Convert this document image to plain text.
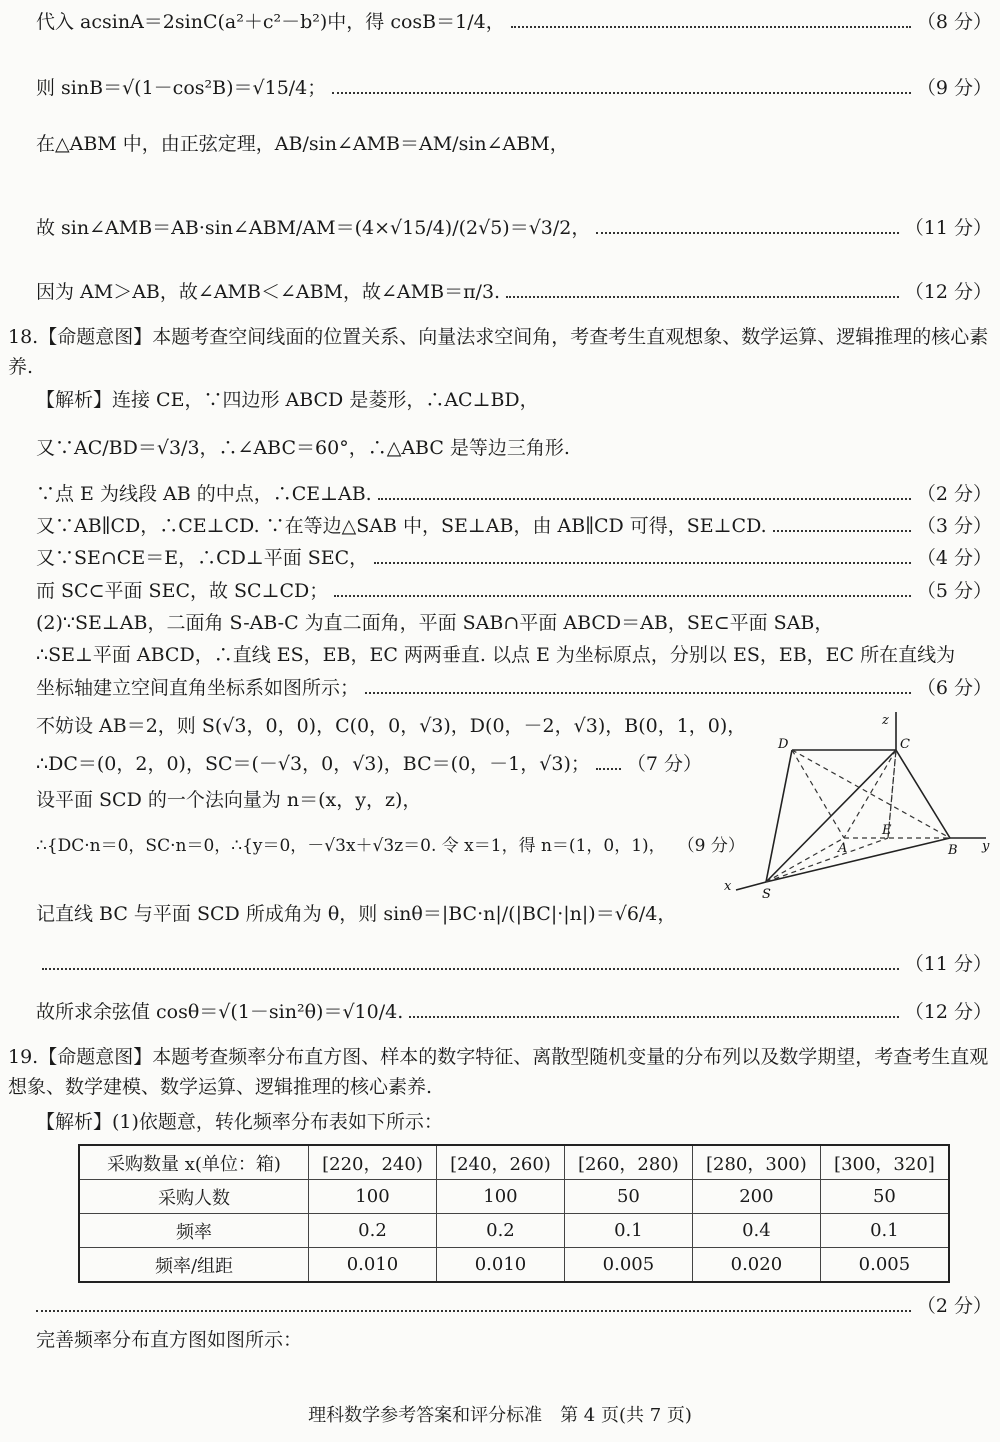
代入 acsinA＝2sinC(a²＋c²－b²)中，得 cosB＝1/4，	（8 分）
则 sinB＝√(1－cos²B)＝√15/4；	（9 分）
在△ABM 中，由正弦定理，AB/sin∠AMB＝AM/sin∠ABM，
故 sin∠AMB＝AB·sin∠ABM/AM＝(4×√15/4)/(2√5)＝√3/2，	（11 分）
因为 AM＞AB，故∠AMB＜∠ABM，故∠AMB＝π/3.	（12 分）
18.【命题意图】本题考查空间线面的位置关系、向量法求空间角，考查考生直观想象、数学运算、逻辑推理的核心素养.
【解析】连接 CE，∵四边形 ABCD 是菱形，∴AC⊥BD，
又∵AC/BD＝√3/3，∴∠ABC＝60°，∴△ABC 是等边三角形.
∵点 E 为线段 AB 的中点，∴CE⊥AB.	（2 分）
又∵AB∥CD，∴CE⊥CD. ∵在等边△SAB 中，SE⊥AB，由 AB∥CD 可得，SE⊥CD.	（3 分）
又∵SE∩CE＝E，∴CD⊥平面 SEC，	（4 分）
而 SC⊂平面 SEC，故 SC⊥CD；	（5 分）
(2)∵SE⊥AB，二面角 S-AB-C 为直二面角，平面 SAB∩平面 ABCD＝AB，SE⊂平面 SAB，
∴SE⊥平面 ABCD，∴直线 ES，EB，EC 两两垂直. 以点 E 为坐标原点，分别以 ES，EB，EC 所在直线为
坐标轴建立空间直角坐标系如图所示；	（6 分）
不妨设 AB＝2，则 S(√3，0，0)，C(0，0，√3)，D(0，－2，√3)，B(0，1，0)，
∴DC＝(0，2，0)，SC＝(－√3，0，√3)，BC＝(0，－1，√3)； （7 分）
设平面 SCD 的一个法向量为 n＝(x，y，z)，
∴{DC·n＝0，SC·n＝0，∴{y＝0，－√3x＋√3z＝0. 令 x＝1，得 n＝(1，0，1)， （9 分）
记直线 BC 与平面 SCD 所成角为 θ，则 sinθ＝|BC·n|/(|BC|·|n|)＝√6/4，
（11 分）
故所求余弦值 cosθ＝√(1－sin²θ)＝√10/4.	（12 分）
D	C
z
E
A	B y
x
S
19.【命题意图】本题考查频率分布直方图、样本的数字特征、离散型随机变量的分布列以及数学期望，考查考生直观想象、数学建模、数学运算、逻辑推理的核心素养.
【解析】(1)依题意，转化频率分布表如下所示：
采购数量 x(单位：箱)	[220，240)	[240，260)	[260，280)	[280，300)	[300，320]
采购人数	100	100	50	200	50
频率	0.2	0.2	0.1	0.4	0.1
频率/组距	0.010	0.010	0.005	0.020	0.005
（2 分）
完善频率分布直方图如图所示：
理科数学参考答案和评分标准　第 4 页(共 7 页)
